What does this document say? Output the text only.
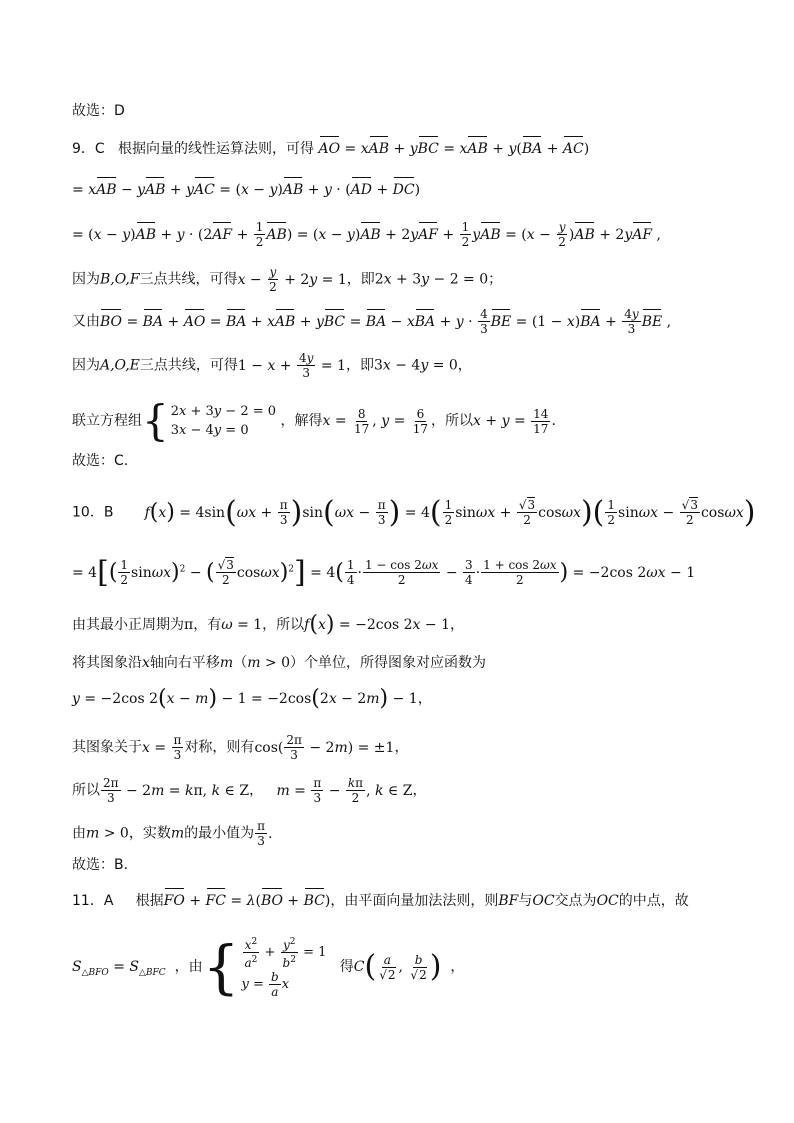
故选：D
9．C 根据向量的线性运算法则，可得 AO = xAB + yBC = xAB + y(BA + AC)
= xAB − yAB + yAC = (x − y)AB + y · (AD + DC)
= $(x - y)AB + y \cdot (2AF + \frac{1}{2} AB) = (x - y)AB + 2yAF + \frac{1}{2}$ yAB = $(x - \frac{y}{2} )AB + 2yAF$ ,
因为B,O,F三点共线，可得$x - \frac{y}{2} + 2y = 1$，即2x + 3y − 2 = 0；
又由BO = BA + AO = BA + xAB + yBC = BA − xBA + $y \cdot \frac{4}{3}$ BE = $(1 - x)BA + \frac{4y}{3}$ BE ,
因为A,O,E三点共线，可得$1 - x + \frac{4y}{3} = 1$，即3x − 4y = 0，
联立方程组{ 2x + 3y − 2 = 0
3x − 4y = 0
，解得$x = \frac{8}{17}$ , $y = \frac{6}{17}$ ，所以$x + y = \frac{14}{17}$ .
故选：C.
10．B $f(x) = 4\sin(\omega x + \frac{\pi}{3} )\sin(\omega x - \frac{\pi}{3}$ ) = $4( \frac{1}{2}$ $\sin\omega x + \frac{√3}{2} \cos\omega x)( \frac{1}{2}$ $\sin\omega x - \frac{√3}{2} \cos\omega x$)
= $4[( \frac{1}{2} \sin\omega x)^2$ − ( $\frac{√3}{2} \cos\omega x)^2] = 4( \frac{1}{4} \cdot \frac{1 - \cos 2\omega x}{2} - \frac{3}{4} \cdot \frac{1 + \cos 2\omega x}{2}$ ) = −2cos 2ωx − 1
由其最小正周期为π，有ω = 1，所以f(x) = −2cos 2x − 1，
将其图象沿x轴向右平移m（m > 0）个单位，所得图象对应函数为
y = −2cos 2(x − m) − 1 = −2cos(2x − 2m) − 1，
其图象关于$x = \frac{\pi}{3}$ 对称，则有$\cos( \frac{2\pi}{3} - 2m) = \pm 1$，
所以 $\frac{2\pi}{3} - 2m = k\pi$, k ∈ Z，   $m = \frac{\pi}{3} - \frac{k\pi}{2}$ , k ∈ Z，
由m > 0，实数m的最小值为 $\frac{\pi}{3}$ .
故选：B.
11．A 根据FO + FC = λ(BO + BC)，由平面向量加法法则，则BF与OC交点为OC的中点，故
$S_{\triangle BFO} = S_{\triangle BFC}$ ，由{ $\frac{x^2}{a^2} + \frac{y^2}{b^2} = 1$
$y = \frac{b}{a}$ x
得$C( \frac{a}{√2}$ , $\frac{b}{√2}$ )  ，
